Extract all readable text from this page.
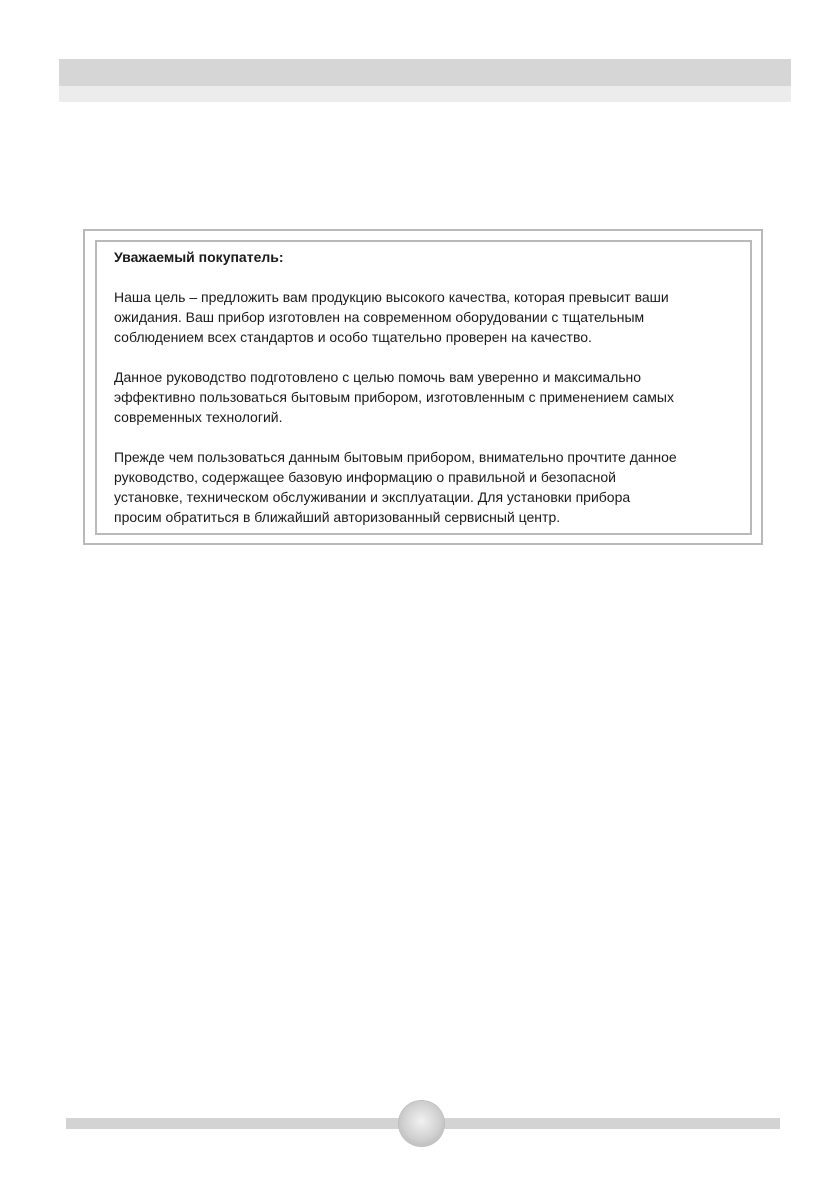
Уважаемый покупатель:

Наша цель – предложить вам продукцию высокого качества, которая превысит ваши
ожидания. Ваш прибор изготовлен на современном оборудовании с тщательным
соблюдением всех стандартов и особо тщательно проверен на качество.

Данное руководство подготовлено с целью помочь вам уверенно и максимально
эффективно пользоваться бытовым прибором, изготовленным с применением самых
современных технологий.

Прежде чем пользоваться данным бытовым прибором, внимательно прочтите данное
руководство, содержащее базовую информацию о правильной и безопасной
установке, техническом обслуживании и эксплуатации. Для установки прибора
просим обратиться в ближайший авторизованный сервисный центр.
